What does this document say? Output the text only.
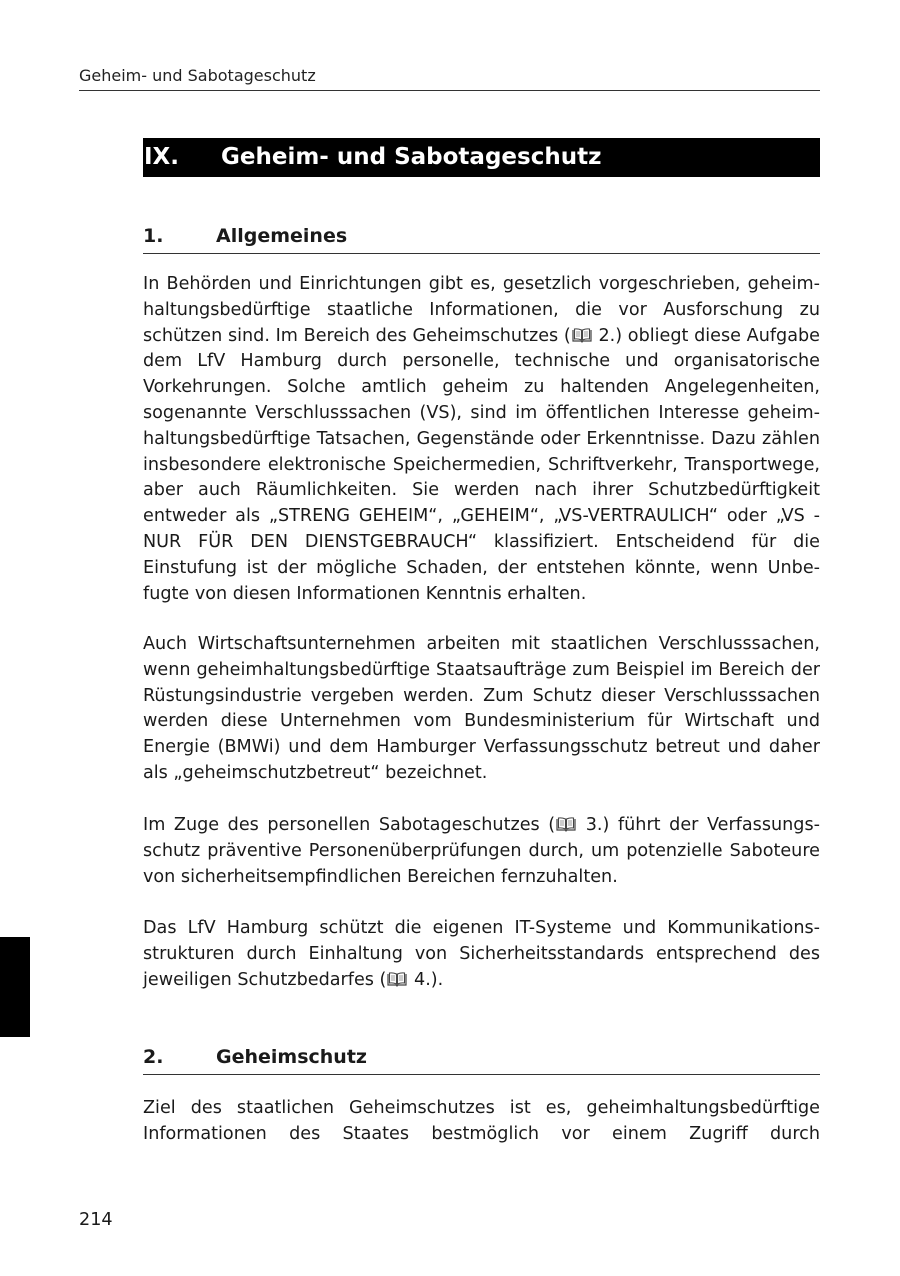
Geheim- und Sabotageschutz
IX.	Geheim- und Sabotageschutz
1.	Allgemeines

In Behörden und Einrichtungen gibt es, gesetzlich vorgeschrieben, geheimhaltungsbedürftige staatliche Informationen, die vor Ausforschung zu schützen sind. Im Bereich des Geheimschutzes ( 2.) obliegt diese Aufgabe dem LfV Hamburg durch personelle, technische und organisatorische Vorkehrungen. Solche amtlich geheim zu haltenden Angelegenheiten, sogenannte Verschlusssachen (VS), sind im öffentlichen Interesse geheimhaltungsbedürftige Tatsachen, Gegenstände oder Erkenntnisse. Dazu zählen insbesondere elektronische Speichermedien, Schriftverkehr, Transportwege, aber auch Räumlichkeiten. Sie werden nach ihrer Schutzbedürftigkeit entweder als „STRENG GEHEIM“, „GEHEIM“, „VS-VERTRAULICH“ oder „VS - NUR FÜR DEN DIENSTGEBRAUCH“ klassifiziert. Entscheidend für die Einstufung ist der mögliche Schaden, der entstehen könnte, wenn Unbefugte von diesen Informationen Kenntnis erhalten.

Auch Wirtschaftsunternehmen arbeiten mit staatlichen Verschlusssachen, wenn geheimhaltungsbedürftige Staatsaufträge zum Beispiel im Bereich der Rüstungsindustrie vergeben werden. Zum Schutz dieser Verschlusssachen werden diese Unternehmen vom Bundesministerium für Wirtschaft und Energie (BMWi) und dem Hamburger Verfassungsschutz betreut und daher als „geheimschutzbetreut“ bezeichnet.

Im Zuge des personellen Sabotageschutzes ( 3.) führt der Verfassungsschutz präventive Personenüberprüfungen durch, um potenzielle Saboteure von sicherheitsempfindlichen Bereichen fernzuhalten.

Das LfV Hamburg schützt die eigenen IT-Systeme und Kommunikationsstrukturen durch Einhaltung von Sicherheitsstandards entsprechend des jeweiligen Schutzbedarfes ( 4.).

2.	Geheimschutz

Ziel des staatlichen Geheimschutzes ist es, geheimhaltungsbedürftige Informationen des Staates bestmöglich vor einem Zugriff durch

214
